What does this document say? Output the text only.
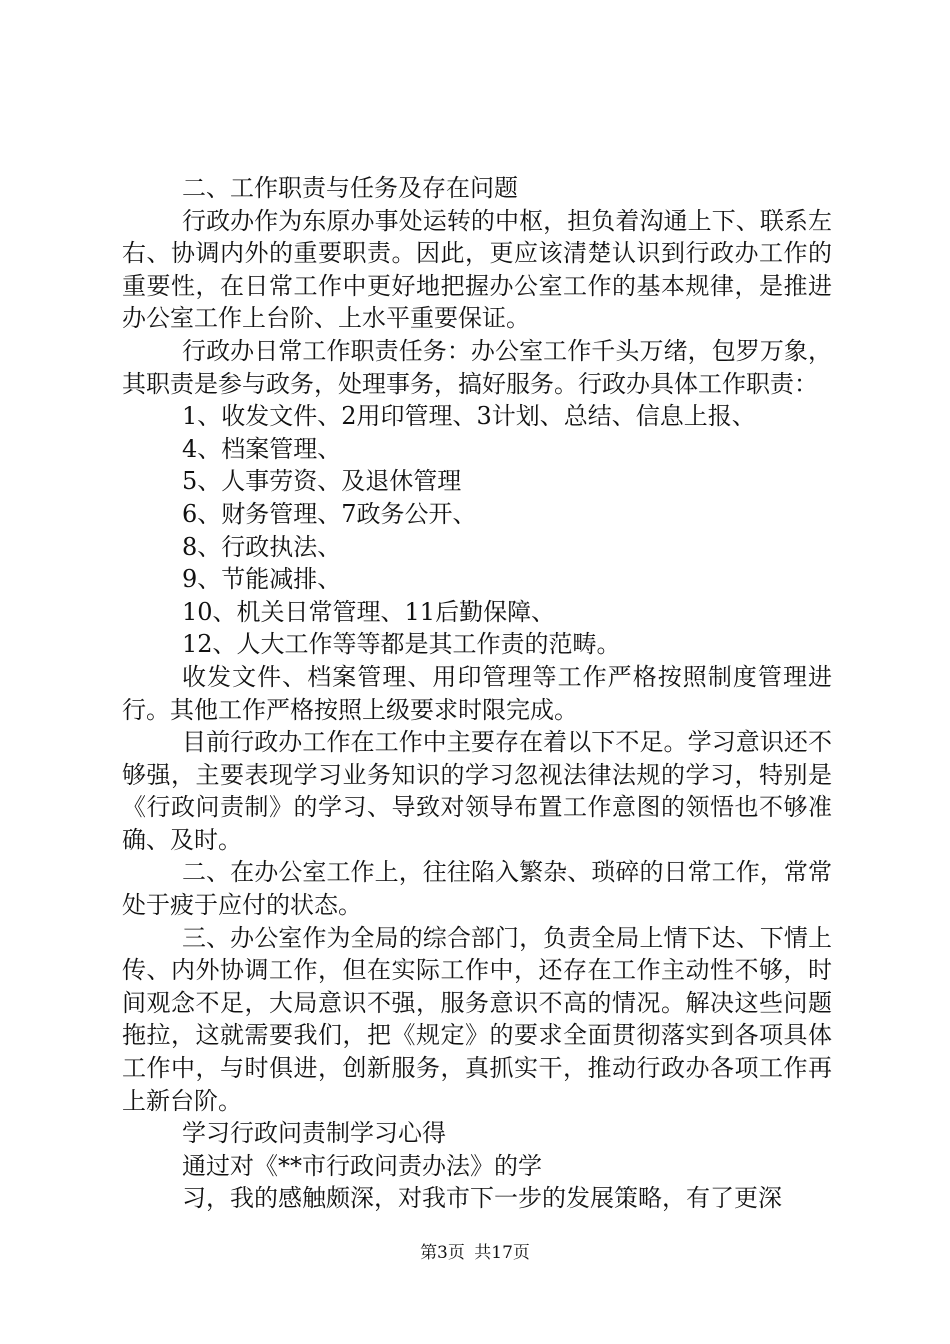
二、工作职责与任务及存在问题

行政办作为东原办事处运转的中枢，担负着沟通上下、联系左右、协调内外的重要职责。因此，更应该清楚认识到行政办工作的重要性，在日常工作中更好地把握办公室工作的基本规律，是推进办公室工作上台阶、上水平重要保证。

行政办日常工作职责任务：办公室工作千头万绪，包罗万象，其职责是参与政务，处理事务，搞好服务。行政办具体工作职责：

1、收发文件、2用印管理、3计划、总结、信息上报、

4、档案管理、

5、人事劳资、及退休管理

6、财务管理、7政务公开、

8、行政执法、

9、节能减排、

10、机关日常管理、11后勤保障、

12、人大工作等等都是其工作责的范畴。

收发文件、档案管理、用印管理等工作严格按照制度管理进行。其他工作严格按照上级要求时限完成。

目前行政办工作在工作中主要存在着以下不足。学习意识还不够强，主要表现学习业务知识的学习忽视法律法规的学习，特别是《行政问责制》的学习、导致对领导布置工作意图的领悟也不够准确、及时。

二、在办公室工作上，往往陷入繁杂、琐碎的日常工作，常常处于疲于应付的状态。

三、办公室作为全局的综合部门，负责全局上情下达、下情上传、内外协调工作，但在实际工作中，还存在工作主动性不够，时间观念不足，大局意识不强，服务意识不高的情况。解决这些问题拖拉，这就需要我们，把《规定》的要求全面贯彻落实到各项具体工作中，与时俱进，创新服务，真抓实干，推动行政办各项工作再上新台阶。

学习行政问责制学习心得

通过对《**市行政问责办法》的学

习，我的感触颇深，对我市下一步的发展策略，有了更深

第3页 共17页
